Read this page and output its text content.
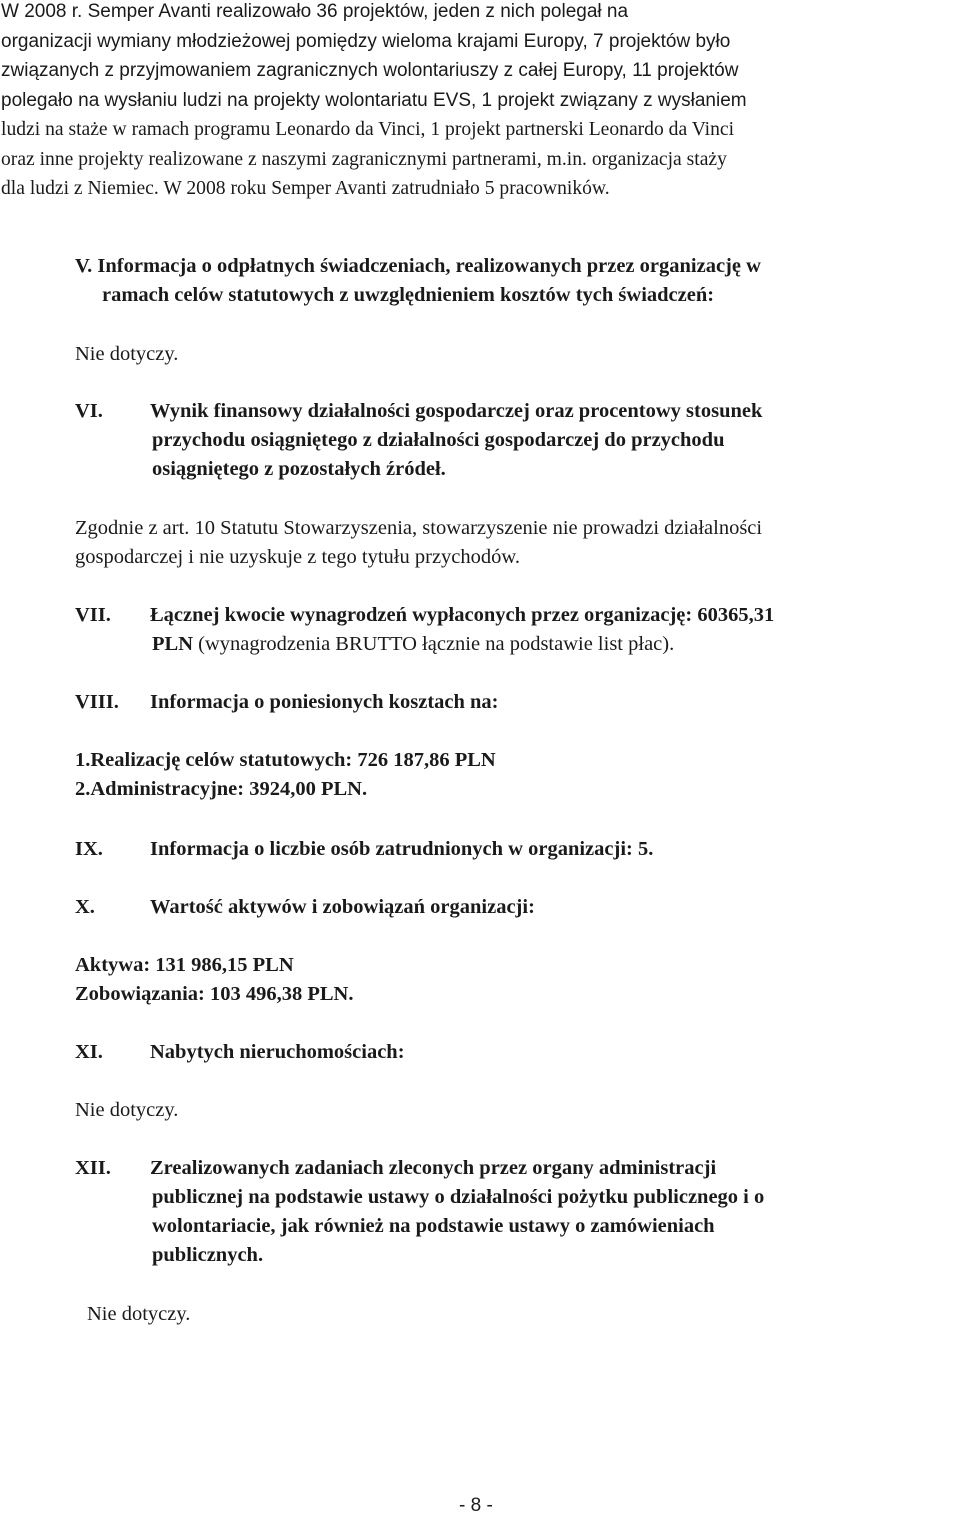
W 2008 r. Semper Avanti realizowało 36 projektów, jeden z nich polegał na
organizacji wymiany młodzieżowej pomiędzy wieloma krajami Europy, 7 projektów było
związanych z przyjmowaniem zagranicznych wolontariuszy z całej Europy, 11 projektów
polegało na wysłaniu ludzi na projekty wolontariatu EVS, 1 projekt związany z wysłaniem
ludzi na staże w ramach programu Leonardo da Vinci, 1 projekt partnerski Leonardo da Vinci
oraz inne projekty realizowane z naszymi zagranicznymi partnerami, m.in. organizacja staży
dla ludzi z Niemiec. W 2008 roku Semper Avanti zatrudniało 5 pracowników.
V. Informacja o odpłatnych świadczeniach, realizowanych przez organizację w
ramach celów statutowych z uwzględnieniem kosztów tych świadczeń:
Nie dotyczy.
VI. Wynik finansowy działalności gospodarczej oraz procentowy stosunek
przychodu osiągniętego z działalności gospodarczej do przychodu
osiągniętego z pozostałych źródeł.
Zgodnie z art. 10 Statutu Stowarzyszenia, stowarzyszenie nie prowadzi działalności
gospodarczej i nie uzyskuje z tego tytułu przychodów.
VII. Łącznej kwocie wynagrodzeń wypłaconych przez organizację: 60365,31
PLN (wynagrodzenia BRUTTO łącznie na podstawie list płac).
VIII. Informacja o poniesionych kosztach na:
1.Realizację celów statutowych: 726 187,86 PLN
2.Administracyjne: 3924,00 PLN.
IX. Informacja o liczbie osób zatrudnionych w organizacji: 5.
X.	Wartość aktywów i zobowiązań organizacji:
Aktywa: 131 986,15 PLN
Zobowiązania: 103 496,38 PLN.
XI. Nabytych nieruchomościach:
Nie dotyczy.
XII. Zrealizowanych zadaniach zleconych przez organy administracji
publicznej na podstawie ustawy o działalności pożytku publicznego i o
wolontariacie, jak również na podstawie ustawy o zamówieniach
publicznych.
Nie dotyczy.
- 8 -
